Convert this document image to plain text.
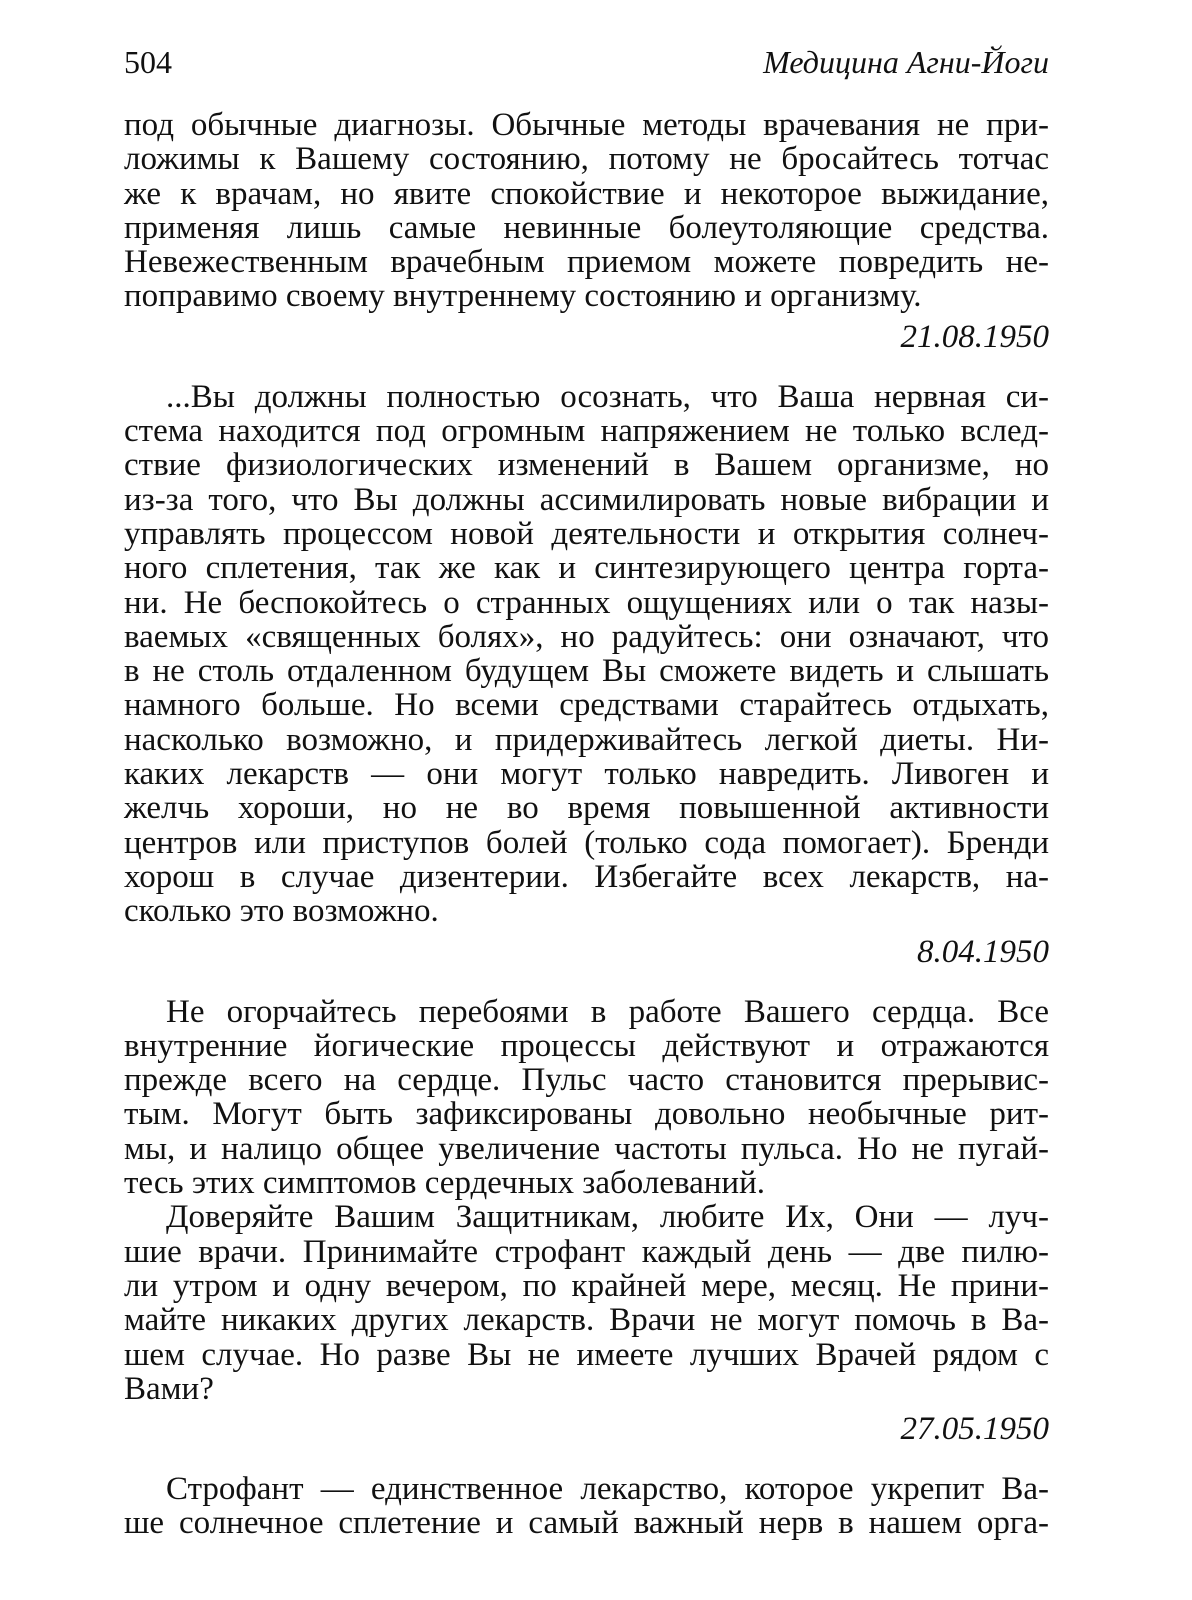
504	Медицина Агни-Йоги

под обычные диагнозы. Обычные методы врачевания не при-
ложимы к Вашему состоянию, потому не бросайтесь тотчас
же к врачам, но явите спокойствие и некоторое выжидание,
применяя лишь самые невинные болеутоляющие средства.
Невежественным врачебным приемом можете повредить не-
поправимо своему внутреннему состоянию и организму.

21.08.1950

...Вы должны полностью осознать, что Ваша нервная си-
стема находится под огромным напряжением не только вслед-
ствие физиологических изменений в Вашем организме, но
из-за того, что Вы должны ассимилировать новые вибрации и
управлять процессом новой деятельности и открытия солнеч-
ного сплетения, так же как и синтезирующего центра горта-
ни. Не беспокойтесь о странных ощущениях или о так назы-
ваемых «священных болях», но радуйтесь: они означают, что
в не столь отдаленном будущем Вы сможете видеть и слышать
намного больше. Но всеми средствами старайтесь отдыхать,
насколько возможно, и придерживайтесь легкой диеты. Ни-
каких лекарств — они могут только навредить. Ливоген и
желчь хороши, но не во время повышенной активности
центров или приступов болей (только сода помогает). Бренди
хорош в случае дизентерии. Избегайте всех лекарств, на-
сколько это возможно.

8.04.1950

Не огорчайтесь перебоями в работе Вашего сердца. Все
внутренние йогические процессы действуют и отражаются
прежде всего на сердце. Пульс часто становится прерывис-
тым. Могут быть зафиксированы довольно необычные рит-
мы, и налицо общее увеличение частоты пульса. Но не пугай-
тесь этих симптомов сердечных заболеваний.

Доверяйте Вашим Защитникам, любите Их, Они — луч-
шие врачи. Принимайте строфант каждый день — две пилю-
ли утром и одну вечером, по крайней мере, месяц. Не прини-
майте никаких других лекарств. Врачи не могут помочь в Ва-
шем случае. Но разве Вы не имеете лучших Врачей рядом с
Вами?

27.05.1950

Строфант — единственное лекарство, которое укрепит Ва-
ше солнечное сплетение и самый важный нерв в нашем орга-
